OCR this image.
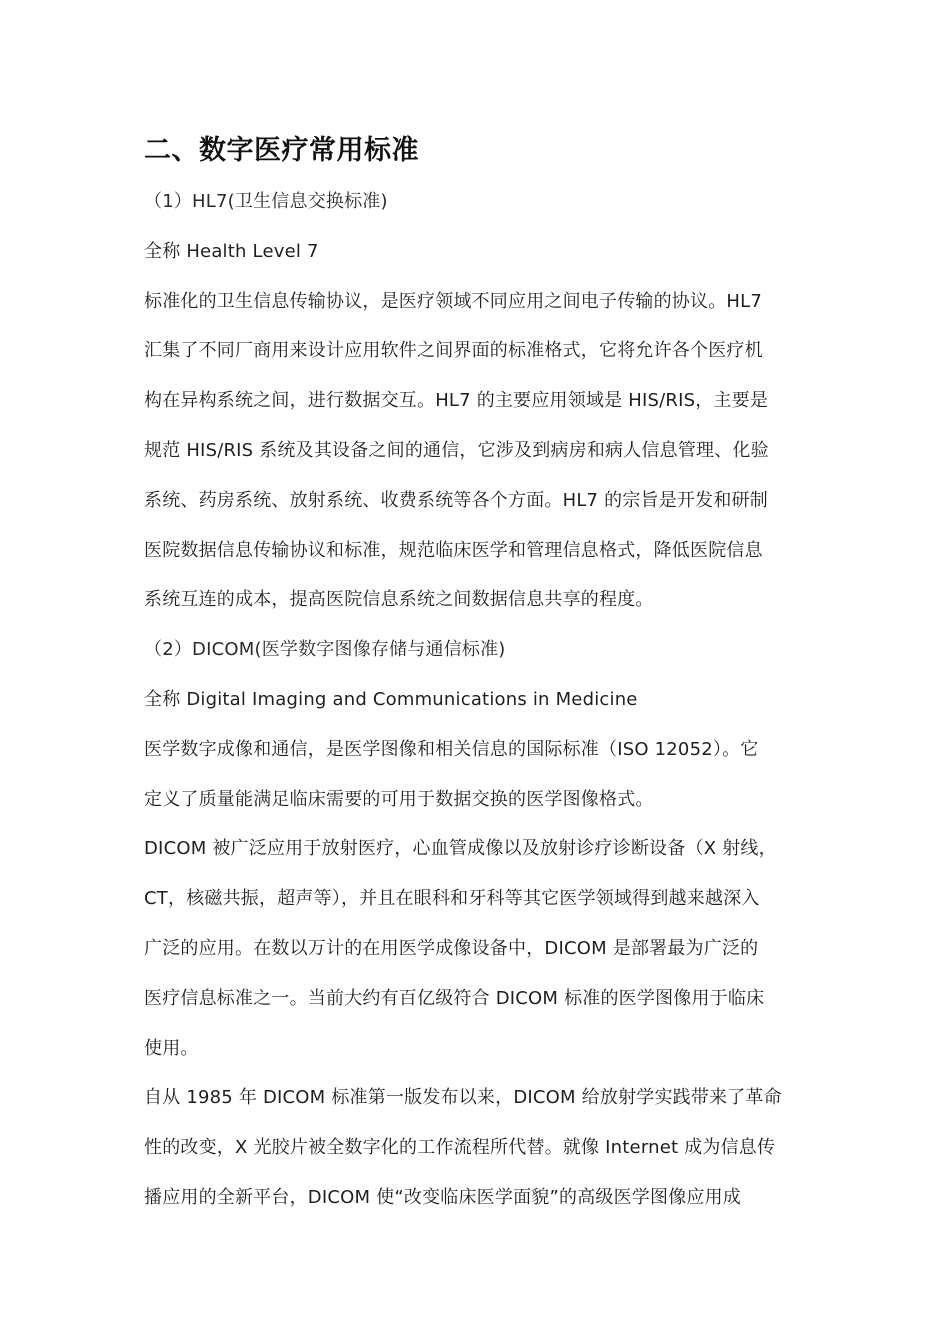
二、数字医疗常用标准
（1）HL7(卫生信息交换标准)
全称 Health Level 7
标准化的卫生信息传输协议，是医疗领域不同应用之间电子传输的协议。HL7
汇集了不同厂商用来设计应用软件之间界面的标准格式，它将允许各个医疗机
构在异构系统之间，进行数据交互。HL7 的主要应用领域是 HIS/RIS，主要是
规范 HIS/RIS 系统及其设备之间的通信，它涉及到病房和病人信息管理、化验
系统、药房系统、放射系统、收费系统等各个方面。HL7 的宗旨是开发和研制
医院数据信息传输协议和标准，规范临床医学和管理信息格式，降低医院信息
系统互连的成本，提高医院信息系统之间数据信息共享的程度。
（2）DICOM(医学数字图像存储与通信标准)
全称 Digital Imaging and Communications in Medicine
医学数字成像和通信，是医学图像和相关信息的国际标准（ISO 12052）。它
定义了质量能满足临床需要的可用于数据交换的医学图像格式。
DICOM 被广泛应用于放射医疗，心血管成像以及放射诊疗诊断设备（X 射线，
CT，核磁共振，超声等），并且在眼科和牙科等其它医学领域得到越来越深入
广泛的应用。在数以万计的在用医学成像设备中，DICOM 是部署最为广泛的
医疗信息标准之一。当前大约有百亿级符合 DICOM 标准的医学图像用于临床
使用。
自从 1985 年 DICOM 标准第一版发布以来，DICOM 给放射学实践带来了革命
性的改变，X 光胶片被全数字化的工作流程所代替。就像 Internet 成为信息传
播应用的全新平台，DICOM 使“改变临床医学面貌”的高级医学图像应用成
